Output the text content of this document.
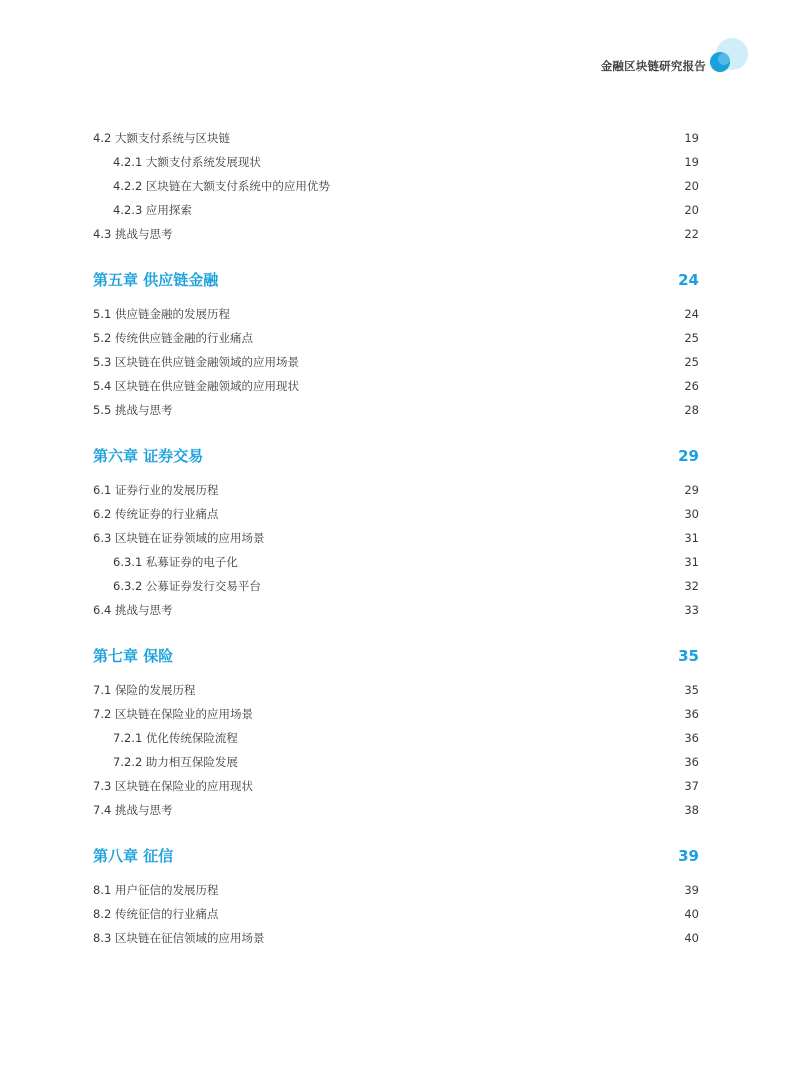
金融区块链研究报告
4.2 大额支付系统与区块链	19
4.2.1 大额支付系统发展现状	19
4.2.2 区块链在大额支付系统中的应用优势	20
4.2.3 应用探索	20
4.3 挑战与思考	22
第五章 供应链金融	24
5.1 供应链金融的发展历程	24
5.2 传统供应链金融的行业痛点	25
5.3 区块链在供应链金融领域的应用场景	25
5.4 区块链在供应链金融领域的应用现状	26
5.5 挑战与思考	28
第六章 证券交易	29
6.1 证券行业的发展历程	29
6.2 传统证券的行业痛点	30
6.3 区块链在证券领域的应用场景	31
6.3.1 私募证券的电子化	31
6.3.2 公募证券发行交易平台	32
6.4 挑战与思考	33
第七章 保险	35
7.1 保险的发展历程	35
7.2 区块链在保险业的应用场景	36
7.2.1 优化传统保险流程	36
7.2.2 助力相互保险发展	36
7.3 区块链在保险业的应用现状	37
7.4 挑战与思考	38
第八章 征信	39
8.1 用户征信的发展历程	39
8.2 传统征信的行业痛点	40
8.3 区块链在征信领域的应用场景	40
